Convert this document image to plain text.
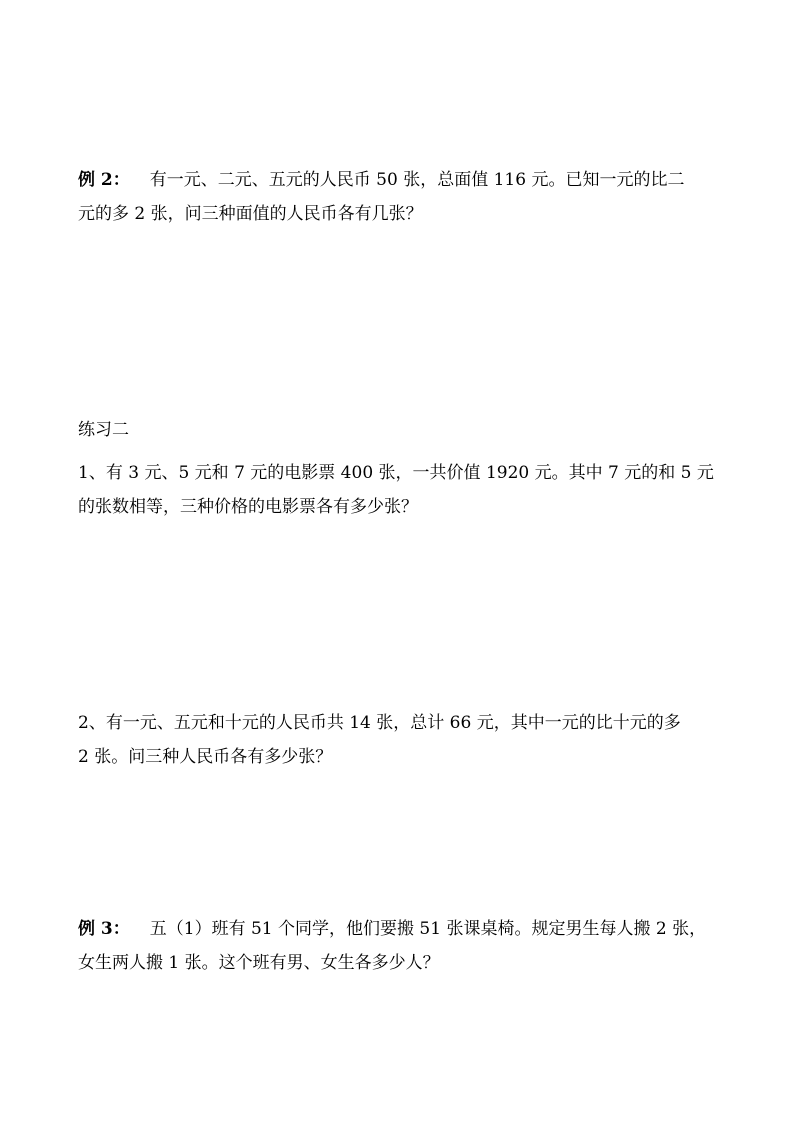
例 2： 有一元、二元、五元的人民币 50 张，总面值 116 元。已知一元的比二

元的多 2 张，问三种面值的人民币各有几张？

练习二

1、有 3 元、5 元和 7 元的电影票 400 张，一共价值 1920 元。其中 7 元的和 5 元

的张数相等，三种价格的电影票各有多少张？

2、有一元、五元和十元的人民币共 14 张，总计 66 元，其中一元的比十元的多

2 张。问三种人民币各有多少张？

例 3： 五（1）班有 51 个同学，他们要搬 51 张课桌椅。规定男生每人搬 2 张，

女生两人搬 1 张。这个班有男、女生各多少人？
